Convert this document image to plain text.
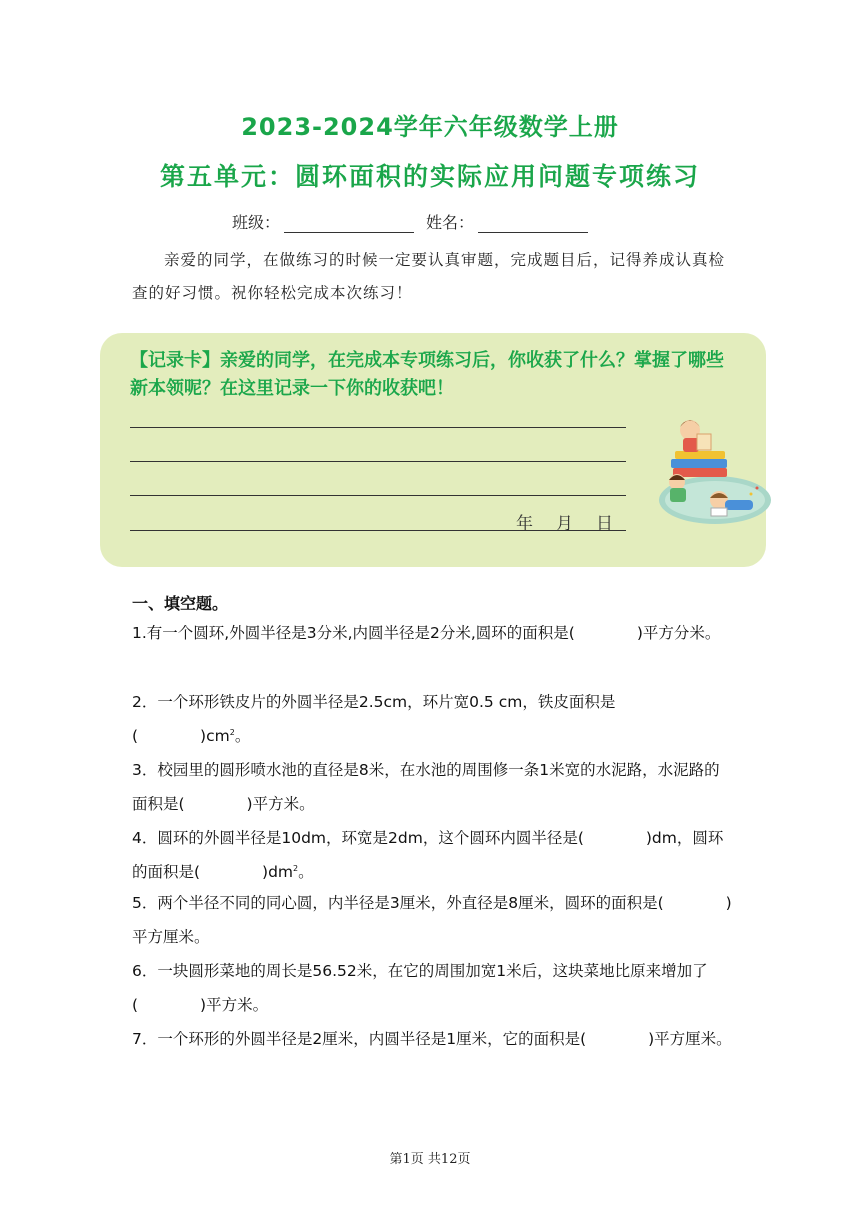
2023-2024学年六年级数学上册
第五单元：圆环面积的实际应用问题专项练习
班级：	姓名：
亲爱的同学，在做练习的时候一定要认真审题，完成题目后，记得养成认真检查的好习惯。祝你轻松完成本次练习！
【记录卡】亲爱的同学，在完成本专项练习后，你收获了什么？掌握了哪些新本领呢？在这里记录一下你的收获吧！
年 月 日
一、填空题。
1.有一个圆环,外圆半径是3分米,内圆半径是2分米,圆环的面积是(　　　　)平方分米。
2．一个环形铁皮片的外圆半径是2.5cm，环片宽0.5 cm，铁皮面积是(　　　　)$cm^2$。
3．校园里的圆形喷水池的直径是8米，在水池的周围修一条1米宽的水泥路，水泥路的面积是(　　　　)平方米。
4．圆环的外圆半径是10dm，环宽是2dm，这个圆环内圆半径是(　　　　)dm，圆环的面积是(　　　　)$dm^2$。
5．两个半径不同的同心圆，内半径是3厘米，外直径是8厘米，圆环的面积是(　　　　)平方厘米。
6．一块圆形菜地的周长是56.52米，在它的周围加宽1米后，这块菜地比原来增加了(　　　　)平方米。
7．一个环形的外圆半径是2厘米，内圆半径是1厘米，它的面积是(　　　　)平方厘米。
第1页 共12页
